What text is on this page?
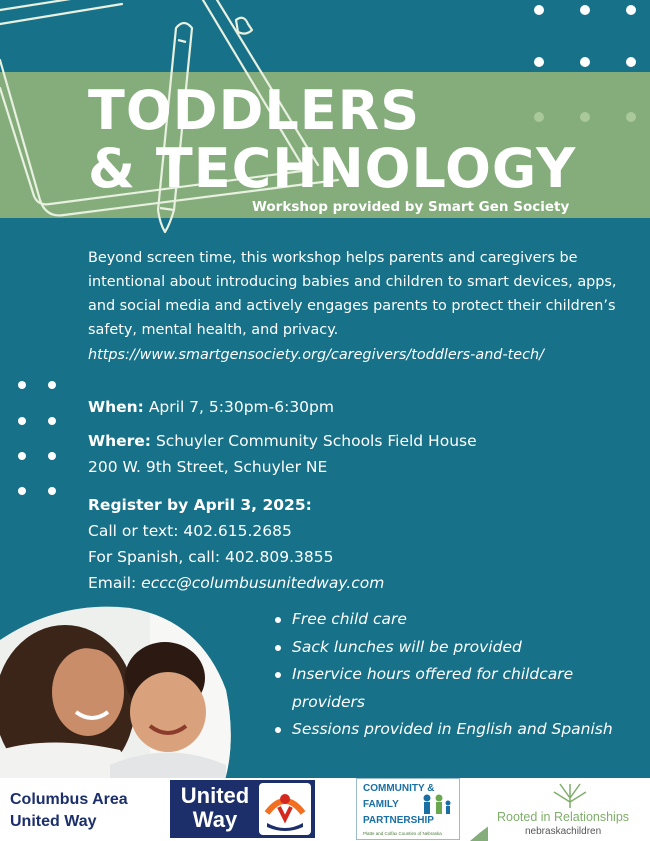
TODDLERS
& TECHNOLOGY
Workshop provided by Smart Gen Society

Beyond screen time, this workshop helps parents and caregivers be intentional about introducing babies and children to smart devices, apps, and social media and actively engages parents to protect their children’s safety, mental health, and privacy.

https://www.smartgensociety.org/caregivers/toddlers-and-tech/
When: April 7, 5:30pm-6:30pm
Where: Schuyler Community Schools Field House
200 W. 9th Street, Schuyler NE
Register by April 3, 2025:
Call or text: 402.615.2685
For Spanish, call: 402.809.3855
Email: eccc@columbusunitedway.com
Free child care
Sack lunches will be provided
Inservice hours offered for childcare providers
Sessions provided in English and Spanish
Columbus Area
United Way
United
Way
COMMUNITY &
FAMILY
PARTNERSHIP
Platte and Colfax Counties of Nebraska
Rooted in Relationships
nebraskachildren
